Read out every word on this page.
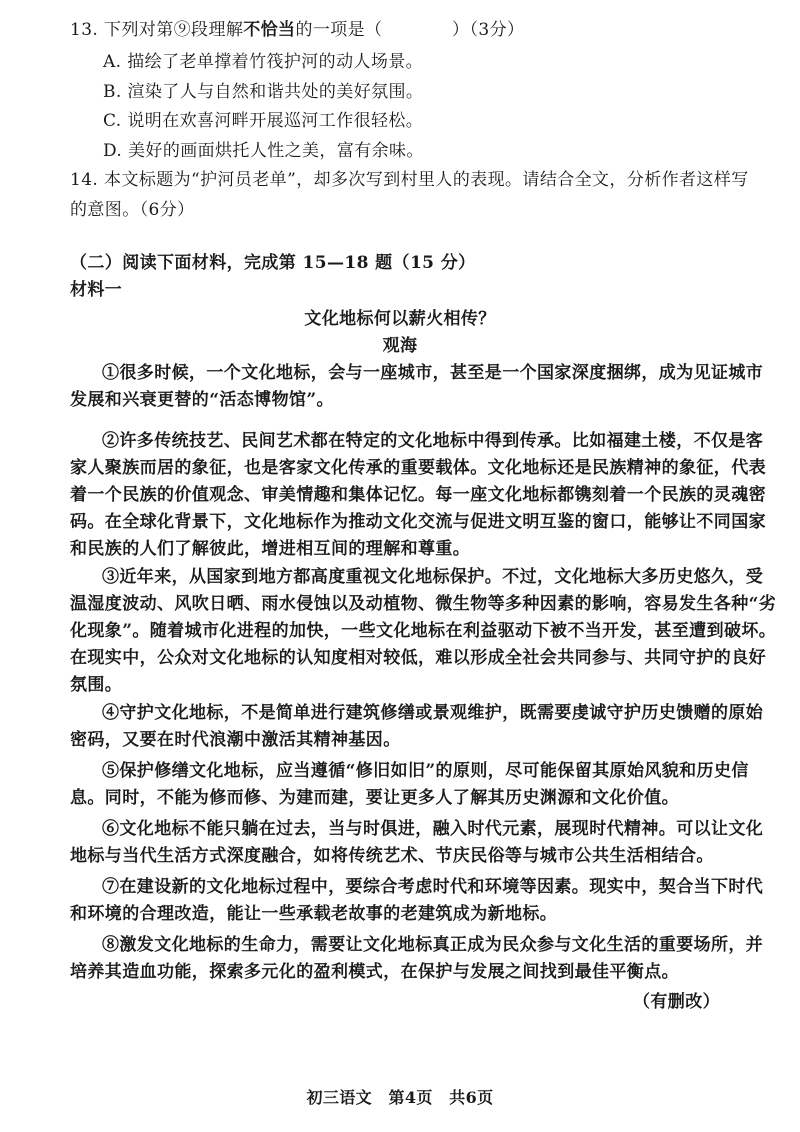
13. 下列对第⑨段理解不恰当的一项是（　　　　）（3分）
A. 描绘了老单撑着竹筏护河的动人场景。
B. 渲染了人与自然和谐共处的美好氛围。
C. 说明在欢喜河畔开展巡河工作很轻松。
D. 美好的画面烘托人性之美，富有余味。
14. 本文标题为“护河员老单”，却多次写到村里人的表现。请结合全文，分析作者这样写
的意图。（6分）
（二）阅读下面材料，完成第 15—18 题（15 分）
材料一
文化地标何以薪火相传？
观海
①很多时候，一个文化地标，会与一座城市，甚至是一个国家深度捆绑，成为见证城市
发展和兴衰更替的“活态博物馆”。
②许多传统技艺、民间艺术都在特定的文化地标中得到传承。比如福建土楼，不仅是客
家人聚族而居的象征，也是客家文化传承的重要载体。文化地标还是民族精神的象征，代表
着一个民族的价值观念、审美情趣和集体记忆。每一座文化地标都镌刻着一个民族的灵魂密
码。在全球化背景下，文化地标作为推动文化交流与促进文明互鉴的窗口，能够让不同国家
和民族的人们了解彼此，增进相互间的理解和尊重。
③近年来，从国家到地方都高度重视文化地标保护。不过，文化地标大多历史悠久，受
温湿度波动、风吹日晒、雨水侵蚀以及动植物、微生物等多种因素的影响，容易发生各种“劣
化现象”。随着城市化进程的加快，一些文化地标在利益驱动下被不当开发，甚至遭到破坏。
在现实中，公众对文化地标的认知度相对较低，难以形成全社会共同参与、共同守护的良好
氛围。
④守护文化地标，不是简单进行建筑修缮或景观维护，既需要虔诚守护历史馈赠的原始
密码，又要在时代浪潮中激活其精神基因。
⑤保护修缮文化地标，应当遵循“修旧如旧”的原则，尽可能保留其原始风貌和历史信
息。同时，不能为修而修、为建而建，要让更多人了解其历史渊源和文化价值。
⑥文化地标不能只躺在过去，当与时俱进，融入时代元素，展现时代精神。可以让文化
地标与当代生活方式深度融合，如将传统艺术、节庆民俗等与城市公共生活相结合。
⑦在建设新的文化地标过程中，要综合考虑时代和环境等因素。现实中，契合当下时代
和环境的合理改造，能让一些承载老故事的老建筑成为新地标。
⑧激发文化地标的生命力，需要让文化地标真正成为民众参与文化生活的重要场所，并
培养其造血功能，探索多元化的盈利模式，在保护与发展之间找到最佳平衡点。
（有删改）
初三语文　第4页　共6页
